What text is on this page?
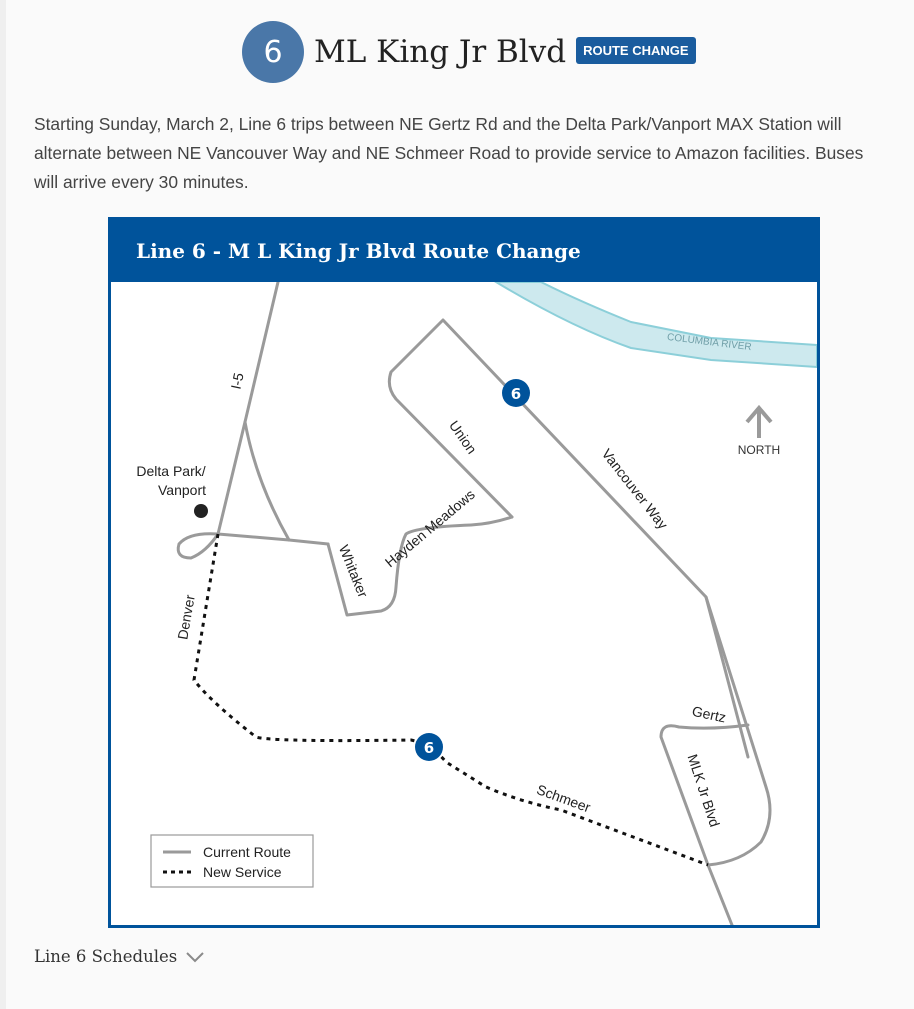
6	ML King Jr Blvd	ROUTE CHANGE

Starting Sunday, March 2, Line 6 trips between NE Gertz Rd and the Delta Park/Vanport MAX Station will alternate between NE Vancouver Way and NE Schmeer Road to provide service to Amazon facilities. Buses will arrive every 30 minutes.

Line 6 - M L King Jr Blvd Route Change
COLUMBIA RIVER
6
6
NORTH
I-5
Delta Park/
Vanport
Union
Vancouver Way
Hayden Meadows
Whitaker
Denver
Gertz
MLK Jr Blvd
Schmeer
Current Route
New Service
Line 6 Schedules
